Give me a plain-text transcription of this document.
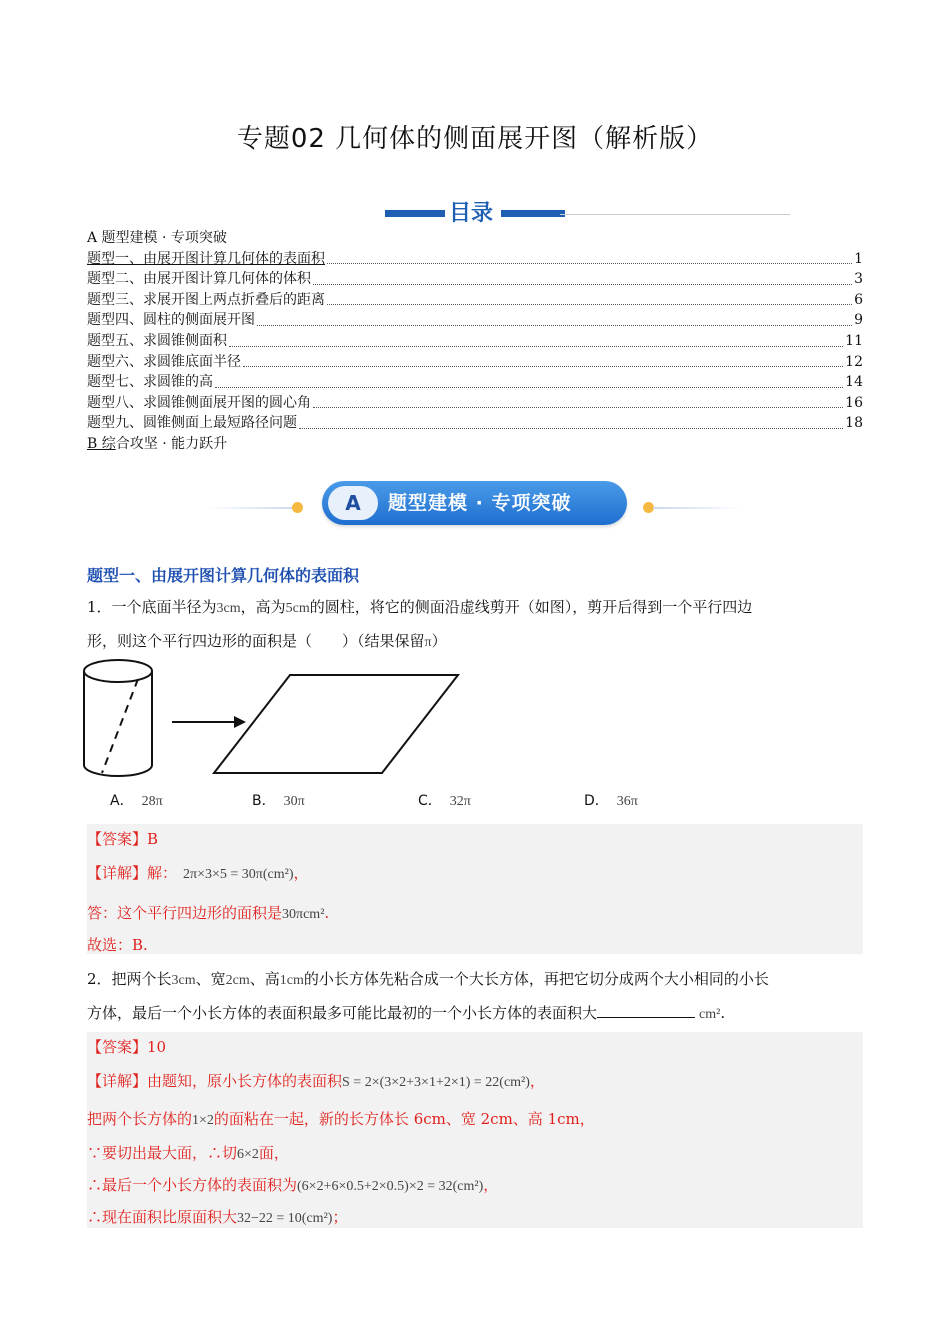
专题02 几何体的侧面展开图（解析版）
目录
A 题型建模 · 专项突破
题型一、由展开图计算几何体的表面积	1
题型二、由展开图计算几何体的体积	3
题型三、求展开图上两点折叠后的距离	6
题型四、圆柱的侧面展开图	9
题型五、求圆锥侧面积	11
题型六、求圆锥底面半径	12
题型七、求圆锥的高	14
题型八、求圆锥侧面展开图的圆心角	16
题型九、圆锥侧面上最短路径问题	18
B 综合攻坚 · 能力跃升
A	题型建模 · 专项突破
题型一、由展开图计算几何体的表面积
1．一个底面半径为3cm，高为5cm的圆柱，将它的侧面沿虚线剪开（如图），剪开后得到一个平行四边
形，则这个平行四边形的面积是（　　）（结果保留π）
A． 28π	B． 30π	C． 32π	D． 36π
【答案】B
【详解】解： 2π×3×5 = 30π(cm²)，
答：这个平行四边形的面积是30πcm².
故选：B.
2．把两个长3cm、宽2cm、高1cm的小长方体先粘合成一个大长方体，再把它切分成两个大小相同的小长
方体，最后一个小长方体的表面积最多可能比最初的一个小长方体的表面积大	cm².
【答案】10
【详解】由题知，原小长方体的表面积S = 2×(3×2+3×1+2×1) = 22(cm²)，
把两个长方体的1×2的面粘在一起，新的长方体长 6cm、宽 2cm、高 1cm，
∵要切出最大面，∴切6×2面，
∴最后一个小长方体的表面积为(6×2+6×0.5+2×0.5)×2 = 32(cm²)，
∴现在面积比原面积大32−22 = 10(cm²)；
